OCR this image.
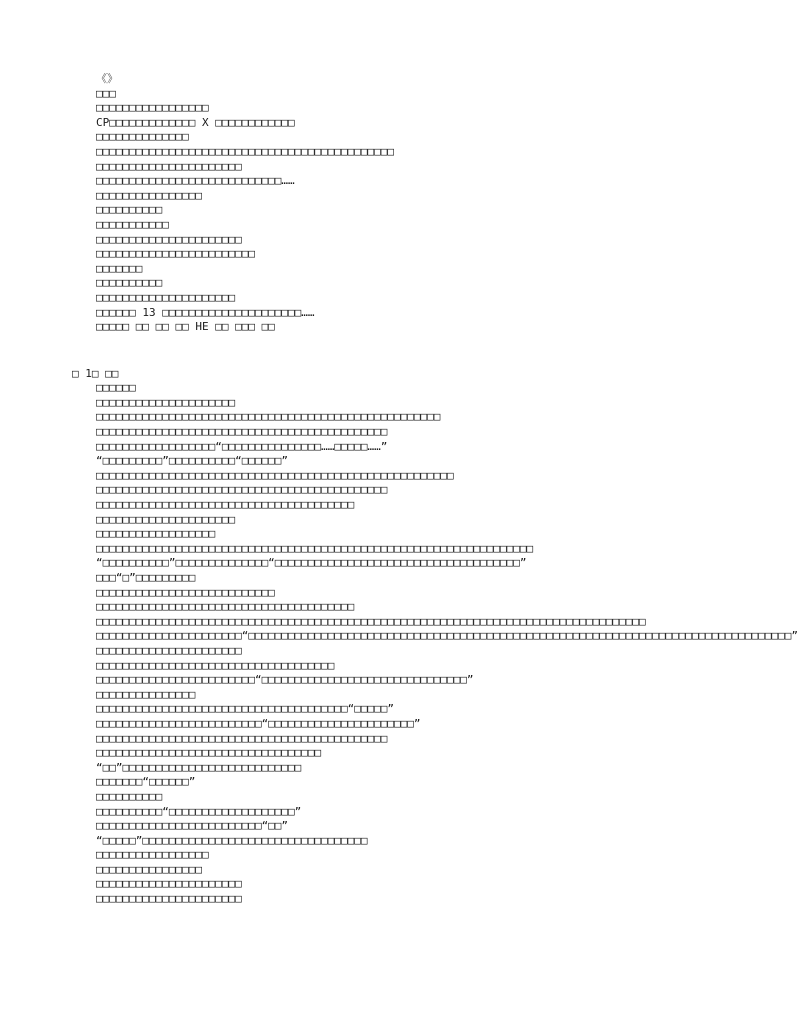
《》
□□□
□□□□□□□□□□□□□□□□□
CP□□□□□□□□□□□□□ X □□□□□□□□□□□□
□□□□□□□□□□□□□□
□□□□□□□□□□□□□□□□□□□□□□□□□□□□□□□□□□□□□□□□□□□□□
□□□□□□□□□□□□□□□□□□□□□□
□□□□□□□□□□□□□□□□□□□□□□□□□□□□……
□□□□□□□□□□□□□□□□
□□□□□□□□□□
□□□□□□□□□□□
□□□□□□□□□□□□□□□□□□□□□□
□□□□□□□□□□□□□□□□□□□□□□□□
□□□□□□□
□□□□□□□□□□
□□□□□□□□□□□□□□□□□□□□□
□□□□□□ 13 □□□□□□□□□□□□□□□□□□□□□……
□□□□□ □□ □□ □□ HE □□ □□□ □□
□ 1□ □□
□□□□□□
□□□□□□□□□□□□□□□□□□□□□
□□□□□□□□□□□□□□□□□□□□□□□□□□□□□□□□□□□□□□□□□□□□□□□□□□□□
□□□□□□□□□□□□□□□□□□□□□□□□□□□□□□□□□□□□□□□□□□□□
□□□□□□□□□□□□□□□□□□“□□□□□□□□□□□□□□□……□□□□□……”
“□□□□□□□□□”□□□□□□□□□□“□□□□□□”
□□□□□□□□□□□□□□□□□□□□□□□□□□□□□□□□□□□□□□□□□□□□□□□□□□□□□□
□□□□□□□□□□□□□□□□□□□□□□□□□□□□□□□□□□□□□□□□□□□□
□□□□□□□□□□□□□□□□□□□□□□□□□□□□□□□□□□□□□□□
□□□□□□□□□□□□□□□□□□□□□
□□□□□□□□□□□□□□□□□□
□□□□□□□□□□□□□□□□□□□□□□□□□□□□□□□□□□□□□□□□□□□□□□□□□□□□□□□□□□□□□□□□□□
“□□□□□□□□□□”□□□□□□□□□□□□□□“□□□□□□□□□□□□□□□□□□□□□□□□□□□□□□□□□□□□□”
□□□“□”□□□□□□□□□
□□□□□□□□□□□□□□□□□□□□□□□□□□□
□□□□□□□□□□□□□□□□□□□□□□□□□□□□□□□□□□□□□□□
□□□□□□□□□□□□□□□□□□□□□□□□□□□□□□□□□□□□□□□□□□□□□□□□□□□□□□□□□□□□□□□□□□□□□□□□□□□□□□□□□□□
□□□□□□□□□□□□□□□□□□□□□□“□□□□□□□□□□□□□□□□□□□□□□□□□□□□□□□□□□□□□□□□□□□□□□□□□□□□□□□□□□□□□□□□□□□□□□□□□□□□□□□□□□”
□□□□□□□□□□□□□□□□□□□□□□
□□□□□□□□□□□□□□□□□□□□□□□□□□□□□□□□□□□□
□□□□□□□□□□□□□□□□□□□□□□□□“□□□□□□□□□□□□□□□□□□□□□□□□□□□□□□□”
□□□□□□□□□□□□□□□
□□□□□□□□□□□□□□□□□□□□□□□□□□□□□□□□□□□□□□“□□□□□”
□□□□□□□□□□□□□□□□□□□□□□□□□“□□□□□□□□□□□□□□□□□□□□□□”
□□□□□□□□□□□□□□□□□□□□□□□□□□□□□□□□□□□□□□□□□□□□
□□□□□□□□□□□□□□□□□□□□□□□□□□□□□□□□□□
“□□”□□□□□□□□□□□□□□□□□□□□□□□□□□□
□□□□□□□“□□□□□□”
□□□□□□□□□□
□□□□□□□□□□“□□□□□□□□□□□□□□□□□□□”
□□□□□□□□□□□□□□□□□□□□□□□□□“□□”
“□□□□□”□□□□□□□□□□□□□□□□□□□□□□□□□□□□□□□□□□
□□□□□□□□□□□□□□□□□
□□□□□□□□□□□□□□□□
□□□□□□□□□□□□□□□□□□□□□□
□□□□□□□□□□□□□□□□□□□□□□
